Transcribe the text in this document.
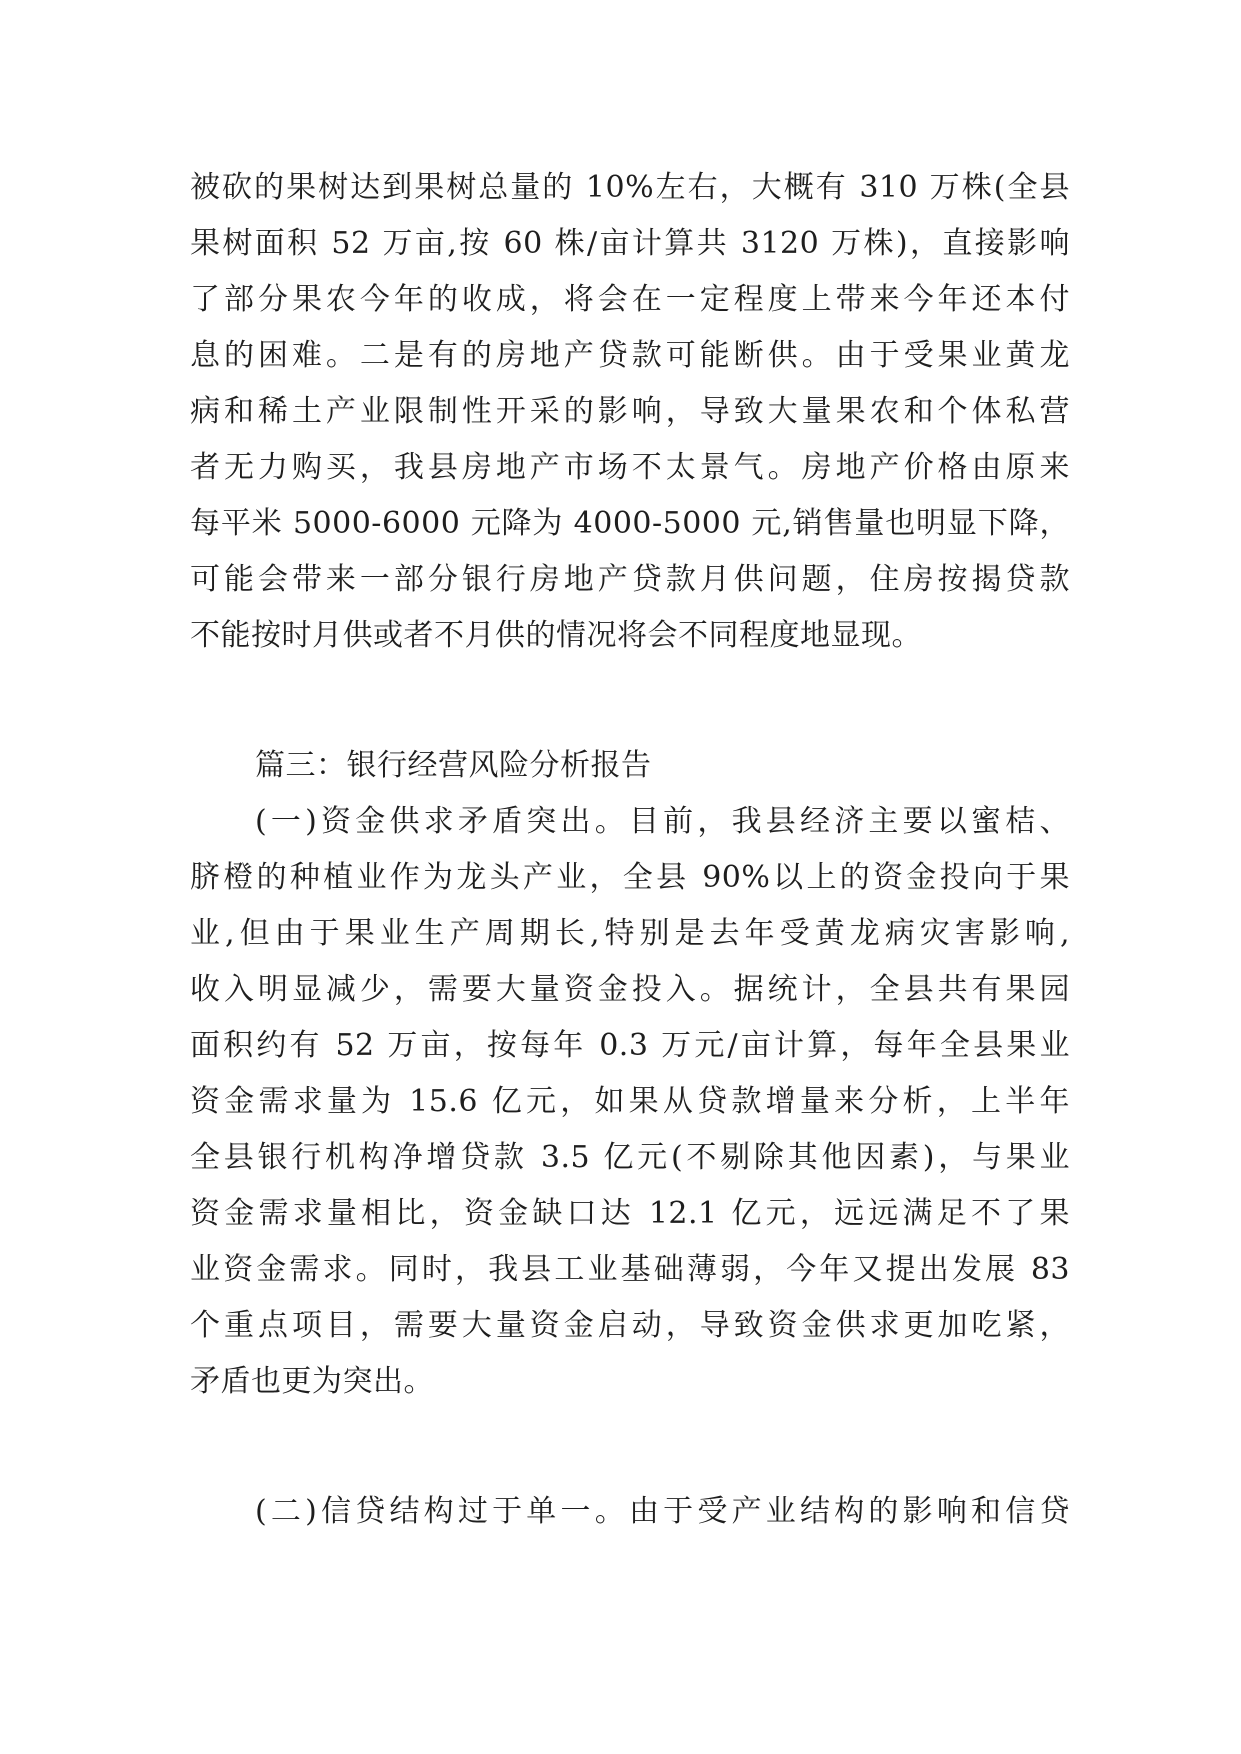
被砍的果树达到果树总量的 10%左右，大概有 310 万株(全县
果树面积 52 万亩,按 60 株/亩计算共 3120 万株)，直接影响
了部分果农今年的收成，将会在一定程度上带来今年还本付
息的困难。二是有的房地产贷款可能断供。由于受果业黄龙
病和稀土产业限制性开采的影响，导致大量果农和个体私营
者无力购买，我县房地产市场不太景气。房地产价格由原来
每平米 5000-6000 元降为 4000-5000 元,销售量也明显下降，
可能会带来一部分银行房地产贷款月供问题，住房按揭贷款
不能按时月供或者不月供的情况将会不同程度地显现。
篇三：银行经营风险分析报告
(一)资金供求矛盾突出。目前，我县经济主要以蜜桔、
脐橙的种植业作为龙头产业，全县 90%以上的资金投向于果
业,但由于果业生产周期长,特别是去年受黄龙病灾害影响,
收入明显减少，需要大量资金投入。据统计，全县共有果园
面积约有 52 万亩，按每年 0.3 万元/亩计算，每年全县果业
资金需求量为 15.6 亿元，如果从贷款增量来分析，上半年
全县银行机构净增贷款 3.5 亿元(不剔除其他因素)，与果业
资金需求量相比，资金缺口达 12.1 亿元，远远满足不了果
业资金需求。同时，我县工业基础薄弱，今年又提出发展 83
个重点项目，需要大量资金启动，导致资金供求更加吃紧，
矛盾也更为突出。
(二)信贷结构过于单一。由于受产业结构的影响和信贷
